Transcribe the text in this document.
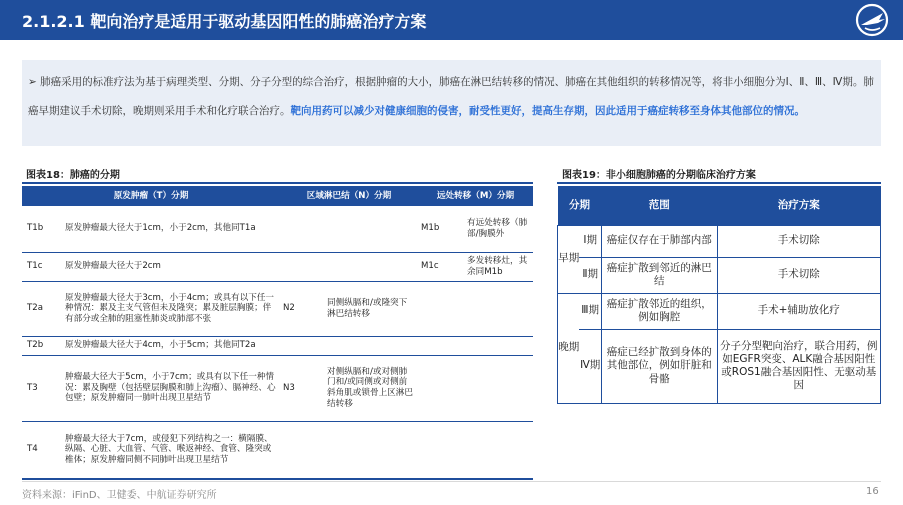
2.1.2.1 靶向治疗是适用于驱动基因阳性的肺癌治疗方案
➢ 肺癌采用的标准疗法为基于病理类型、分期、分子分型的综合治疗，根据肿瘤的大小，肺癌在淋巴结转移的情况、肺癌在其他组织的转移情况等，将非小细胞分为Ⅰ、Ⅱ、Ⅲ、Ⅳ期。肺癌早期建议手术切除，晚期则采用手术和化疗联合治疗。靶向用药可以减少对健康细胞的侵害，耐受性更好，提高生存期，因此适用于癌症转移至身体其他部位的情况。
图表18：肺癌的分期	图表19：非小细胞肺癌的分期临床治疗方案
原发肿瘤（T）分期		区域淋巴结（N）分期		远处转移（M）分期	
T1b	原发肿瘤最大径大于1cm，小于2cm，其他同T1a			M1b	有远处转移（肺部/胸膜外
T1c	原发肿瘤最大径大于2cm			M1c	多发转移灶，其余同M1b
T2a	原发肿瘤最大径大于3cm，小于4cm；或具有以下任一种情况：累及主支气管但未及隆突；累及脏层胸膜；伴有部分或全肺的阻塞性肺炎或肺部不张	N2	同侧纵膈和/或隆突下淋巴结转移		
T2b	原发肿瘤最大径大于4cm，小于5cm；其他同T2a				
T3	肿瘤最大径大于5cm，小于7cm；或具有以下任一种情况：累及胸壁（包括壁层胸膜和肺上沟瘤）、膈神经、心包壁；原发肿瘤同一肺叶出现卫星结节	N3	对侧纵膈和/或对侧肺门和/或同侧或对侧前斜角肌或锁骨上区淋巴结转移		
T4	肿瘤最大径大于7cm，或侵犯下列结构之一：横隔膜、纵隔、心脏、大血管、气管、喉返神经、食管、隆突或椎体；原发肿瘤同侧不同肺叶出现卫星结节				
分期		范围	治疗方案
早期	Ⅰ期	癌症仅存在于肺部内部	手术切除
	Ⅱ期	癌症扩散到邻近的淋巴结	手术切除
晚期	Ⅲ期	癌症扩散邻近的组织，例如胸腔	手术+辅助放化疗
	Ⅳ期	癌症已经扩散到身体的其他部位，例如肝脏和骨骼	分子分型靶向治疗，联合用药，例如EGFR突变、ALK融合基因阳性或ROS1融合基因阳性、无驱动基因
资料来源：iFinD、卫健委、中航证券研究所	16
